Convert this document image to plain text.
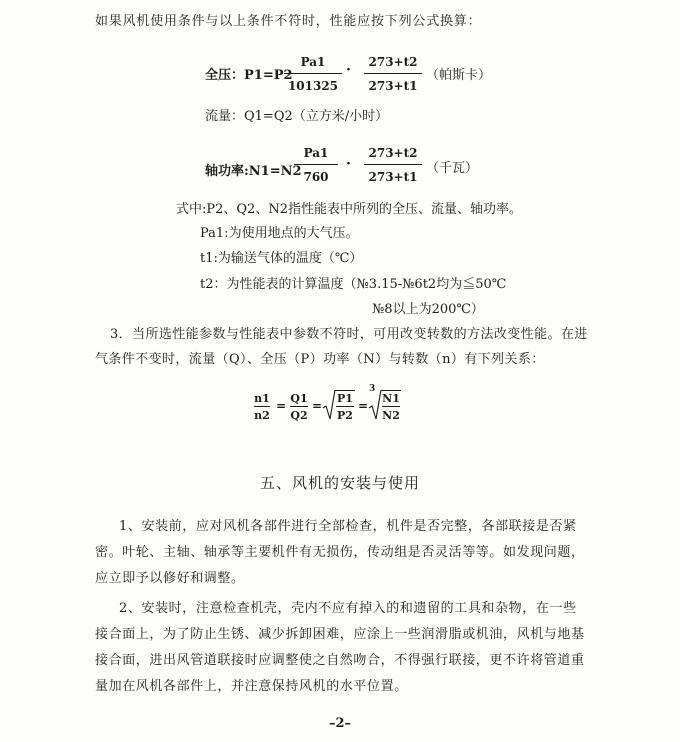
如果风机使用条件与以上条件不符时，性能应按下列公式换算：
全压：P1=P2
Pa1
101325
·	273+t2
273+t1
（帕斯卡）
流量：Q1=Q2（立方米/小时）
轴功率:N1=N2
Pa1
760
·
273+t2
273+t1
（千瓦）
式中:P2、Q2、N2指性能表中所列的全压、流量、轴功率。
Pa1:为使用地点的大气压。
t1:为输送气体的温度（℃）
t2：为性能表的计算温度（№3.15-№6t2均为≦50℃
№8以上为200℃）
3．当所选性能参数与性能表中参数不符时，可用改变转数的方法改变性能。在进
气条件不变时，流量（Q）、全压（P）功率（N）与转数（n）有下列关系：
n1
n2
=
Q1
Q2
=
P1
P2
=
3
N1
N2
五、风机的安装与使用
1、安装前，应对风机各部件进行全部检查，机件是否完整，各部联接是否紧密。叶轮、主轴、轴承等主要机件有无损伤，传动组是否灵活等等。如发现问题，应立即予以修好和调整。
2、安装时，注意检查机壳，壳内不应有掉入的和遗留的工具和杂物，在一些接合面上，为了防止生锈、减少拆卸困难，应涂上一些润滑脂或机油，风机与地基接合面，进出风管道联接时应调整使之自然吻合，不得强行联接，更不许将管道重量加在风机各部件上，并注意保持风机的水平位置。
–2–
